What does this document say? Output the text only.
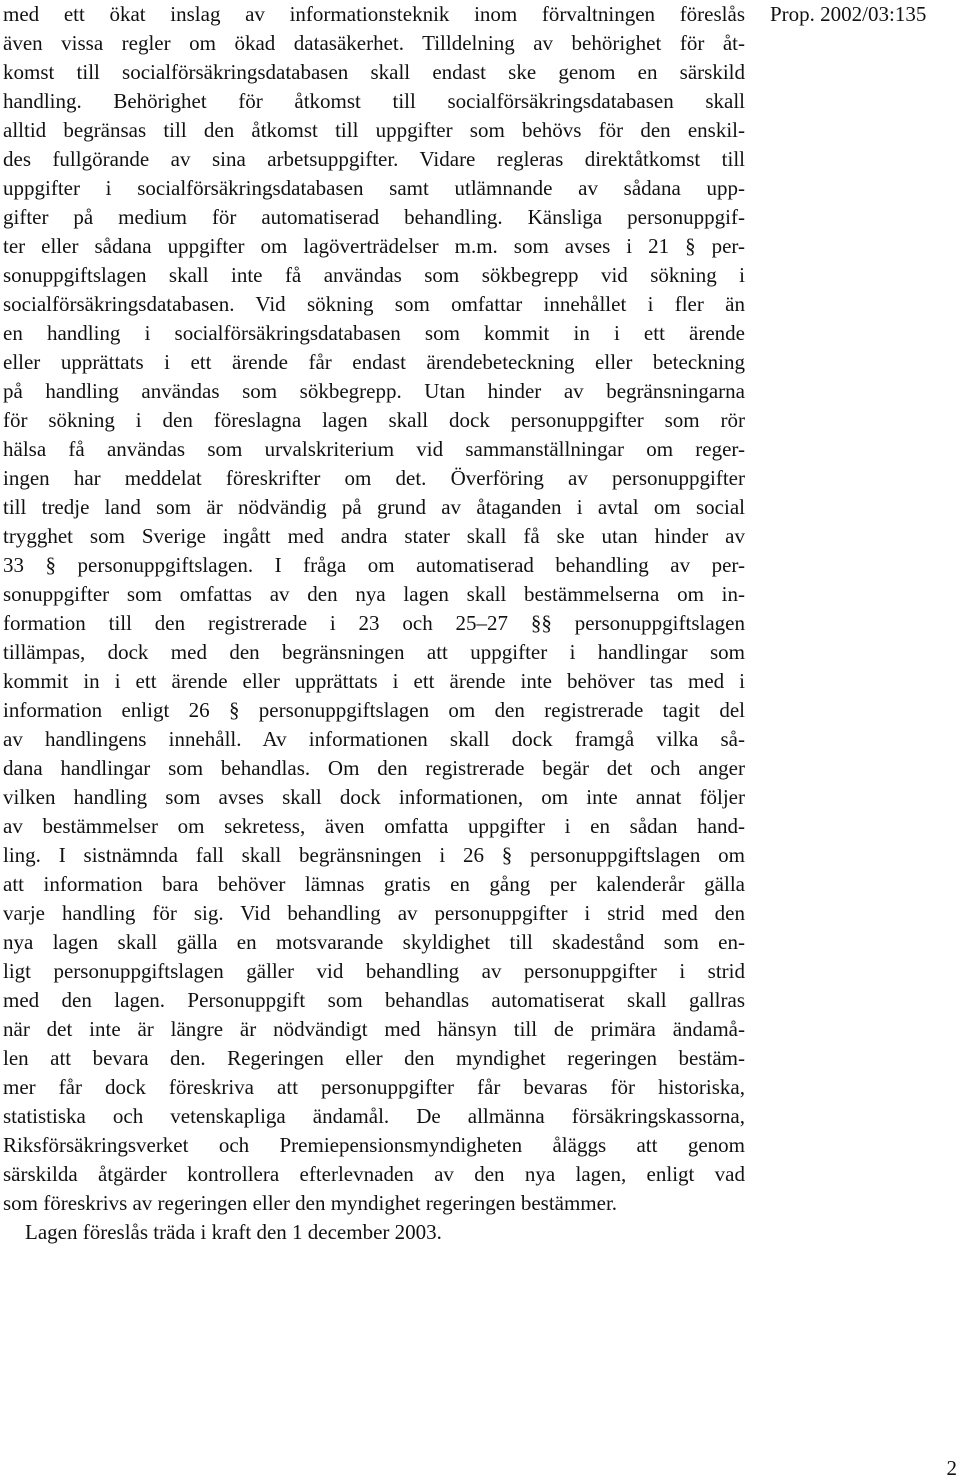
med ett ökat inslag av informationsteknik inom förvaltningen föreslås
även vissa regler om ökad datasäkerhet. Tilldelning av behörighet för åt-
komst till socialförsäkringsdatabasen skall endast ske genom en särskild
handling. Behörighet för åtkomst till socialförsäkringsdatabasen skall
alltid begränsas till den åtkomst till uppgifter som behövs för den enskil-
des fullgörande av sina arbetsuppgifter. Vidare regleras direktåtkomst till
uppgifter i socialförsäkringsdatabasen samt utlämnande av sådana upp-
gifter på medium för automatiserad behandling. Känsliga personuppgif-
ter eller sådana uppgifter om lagöverträdelser m.m. som avses i 21 § per-
sonuppgiftslagen skall inte få användas som sökbegrepp vid sökning i
socialförsäkringsdatabasen. Vid sökning som omfattar innehållet i fler än
en handling i socialförsäkringsdatabasen som kommit in i ett ärende
eller upprättats i ett ärende får endast ärendebeteckning eller beteckning
på handling användas som sökbegrepp. Utan hinder av begränsningarna
för sökning i den föreslagna lagen skall dock personuppgifter som rör
hälsa få användas som urvalskriterium vid sammanställningar om reger-
ingen har meddelat föreskrifter om det. Överföring av personuppgifter
till tredje land som är nödvändig på grund av åtaganden i avtal om social
trygghet som Sverige ingått med andra stater skall få ske utan hinder av
33 § personuppgiftslagen. I fråga om automatiserad behandling av per-
sonuppgifter som omfattas av den nya lagen skall bestämmelserna om in-
formation till den registrerade i 23 och 25–27 §§ personuppgiftslagen
tillämpas, dock med den begränsningen att uppgifter i handlingar som
kommit in i ett ärende eller upprättats i ett ärende inte behöver tas med i
information enligt 26 § personuppgiftslagen om den registrerade tagit del
av handlingens innehåll. Av informationen skall dock framgå vilka så-
dana handlingar som behandlas. Om den registrerade begär det och anger
vilken handling som avses skall dock informationen, om inte annat följer
av bestämmelser om sekretess, även omfatta uppgifter i en sådan hand-
ling. I sistnämnda fall skall begränsningen i 26 § personuppgiftslagen om
att information bara behöver lämnas gratis en gång per kalenderår gälla
varje handling för sig. Vid behandling av personuppgifter i strid med den
nya lagen skall gälla en motsvarande skyldighet till skadestånd som en-
ligt personuppgiftslagen gäller vid behandling av personuppgifter i strid
med den lagen. Personuppgift som behandlas automatiserat skall gallras
när det inte är längre är nödvändigt med hänsyn till de primära ändamå-
len att bevara den. Regeringen eller den myndighet regeringen bestäm-
mer får dock föreskriva att personuppgifter får bevaras för historiska,
statistiska och vetenskapliga ändamål. De allmänna försäkringskassorna,
Riksförsäkringsverket och Premiepensionsmyndigheten åläggs att genom
särskilda åtgärder kontrollera efterlevnaden av den nya lagen, enligt vad
som föreskrivs av regeringen eller den myndighet regeringen bestämmer.
Lagen föreslås träda i kraft den 1 december 2003.
Prop. 2002/03:135
2
